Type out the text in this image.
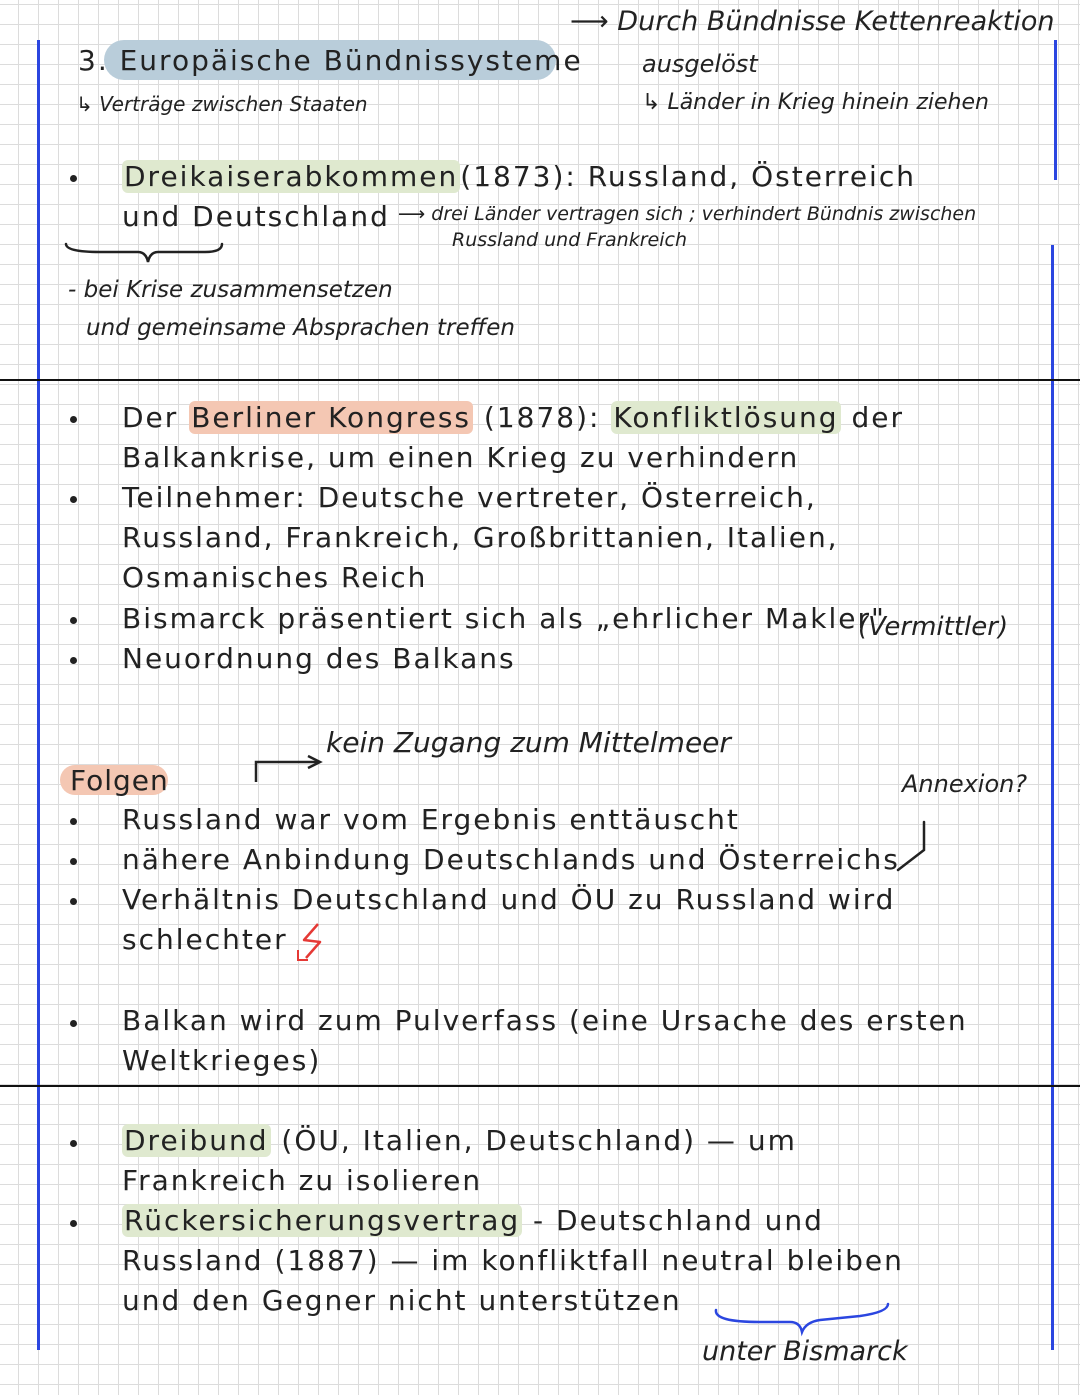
3. Europäische Bündnissysteme
↳ Verträge zwischen Staaten
⟶ Durch Bündnisse Kettenreaktion
ausgelöst
↳ Länder in Krieg hinein ziehen
Dreikaiserabkommen(1873): Russland, Österreich
und Deutschland ⟶ drei Länder vertragen sich ; verhindert Bündnis zwischen
Russland und Frankreich
- bei Krise zusammensetzen
und gemeinsame Absprachen treffen
Der Berliner Kongress (1878): Konfliktlösung der
Balkankrise, um einen Krieg zu verhindern
Teilnehmer: Deutsche vertreter, Österreich,
Russland, Frankreich, Großbrittanien, Italien,
Osmanisches Reich
Bismarck präsentiert sich als „ehrlicher Makler"
(Vermittler)
Neuordnung des Balkans
kein Zugang zum Mittelmeer
Folgen	Annexion?
Russland war vom Ergebnis enttäuscht
nähere Anbindung Deutschlands und Österreichs
Verhältnis Deutschland und ÖU zu Russland wird
schlechter
Balkan wird zum Pulverfass (eine Ursache des ersten
Weltkrieges)
Dreibund (ÖU, Italien, Deutschland) — um
Frankreich zu isolieren
Rückersicherungsvertrag - Deutschland und
Russland (1887) — im konfliktfall neutral bleiben
und den Gegner nicht unterstützen
unter Bismarck
